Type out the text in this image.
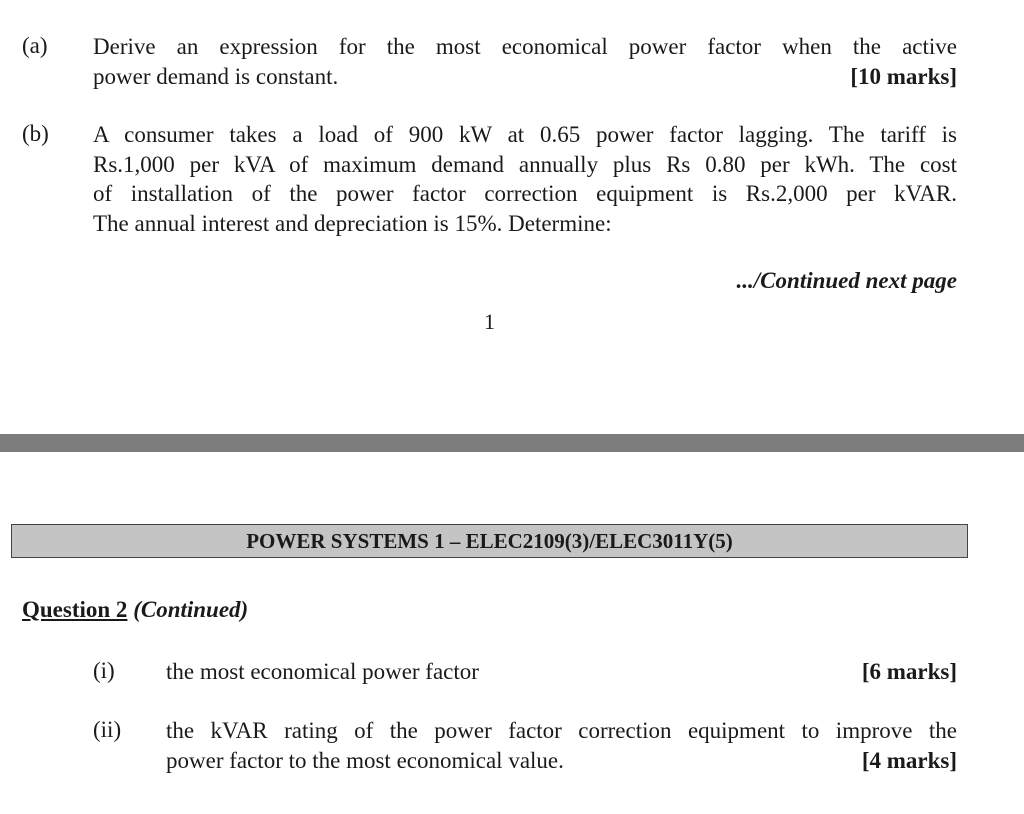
(a) Derive an expression for the most economical power factor when the active
power demand is constant.	[10 marks]
(b) A consumer takes a load of 900 kW at 0.65 power factor lagging. The tariff is
Rs.1,000 per kVA of maximum demand annually plus Rs 0.80 per kWh. The cost
of installation of the power factor correction equipment is Rs.2,000 per kVAR.
The annual interest and depreciation is 15%. Determine:
.../Continued next page
1
POWER SYSTEMS 1 – ELEC2109(3)/ELEC3011Y(5)
Question 2 (Continued)
(i) the most economical power factor	[6 marks]
(ii) the kVAR rating of the power factor correction equipment to improve the
power factor to the most economical value.	[4 marks]
